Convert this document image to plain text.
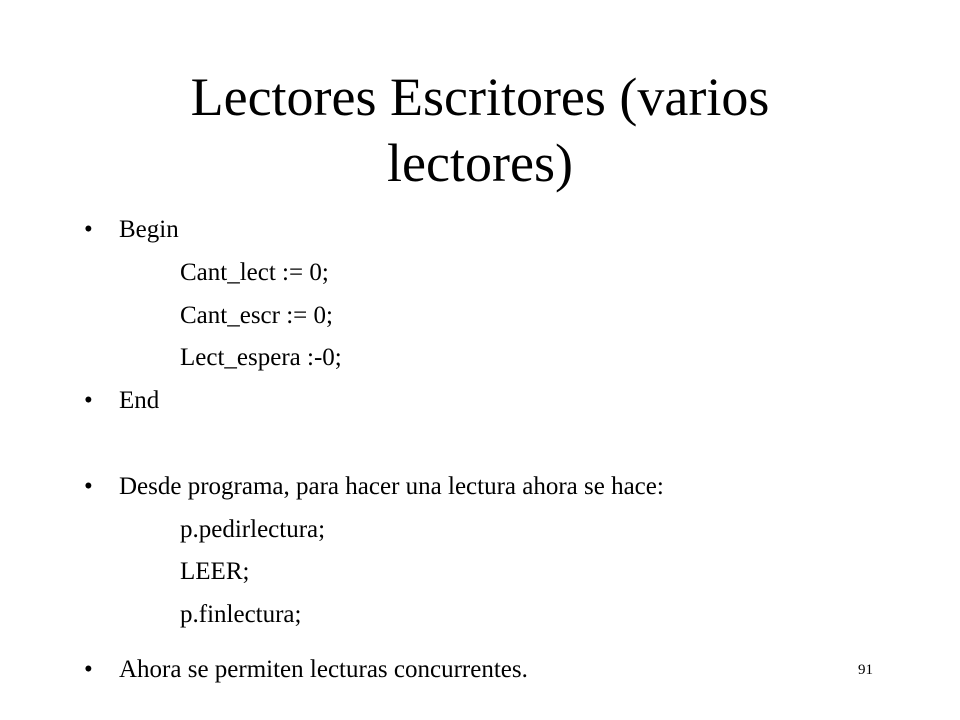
Lectores Escritores (varios
lectores)
• Begin
Cant_lect := 0;
Cant_escr := 0;
Lect_espera :-0;
• End
• Desde programa, para hacer una lectura ahora se hace:
p.pedirlectura;
LEER;
p.finlectura;
• Ahora se permiten lecturas concurrentes.	91
